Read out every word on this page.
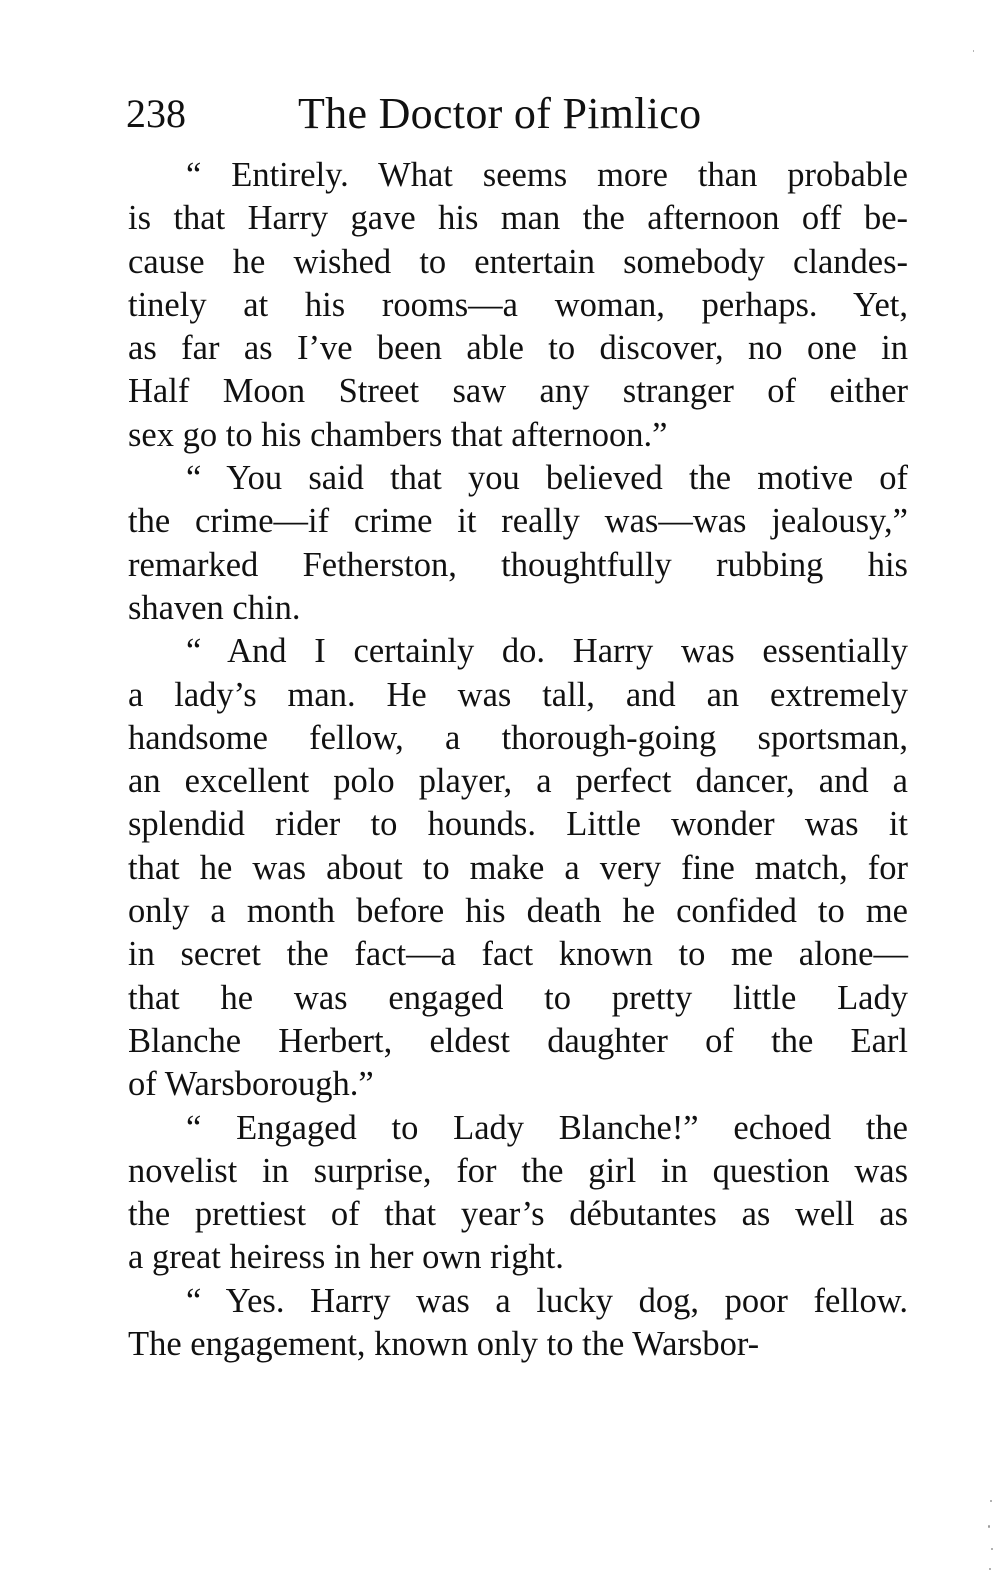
238	The Doctor of Pimlico
“ Entirely. What seems more than probable
is that Harry gave his man the afternoon off be-
cause he wished to entertain somebody clandes-
tinely at his rooms—a woman, perhaps. Yet,
as far as I’ve been able to discover, no one in
Half Moon Street saw any stranger of either
sex go to his chambers that afternoon.”
“ You said that you believed the motive of
the crime—if crime it really was—was jealousy,”
remarked Fetherston, thoughtfully rubbing his
shaven chin.
“ And I certainly do. Harry was essentially
a lady’s man. He was tall, and an extremely
handsome fellow, a thorough-going sportsman,
an excellent polo player, a perfect dancer, and a
splendid rider to hounds. Little wonder was it
that he was about to make a very fine match, for
only a month before his death he confided to me
in secret the fact—a fact known to me alone—
that he was engaged to pretty little Lady
Blanche Herbert, eldest daughter of the Earl
of Warsborough.”
“ Engaged to Lady Blanche!” echoed the
novelist in surprise, for the girl in question was
the prettiest of that year’s débutantes as well as
a great heiress in her own right.
“ Yes. Harry was a lucky dog, poor fellow.
The engagement, known only to the Warsbor-
